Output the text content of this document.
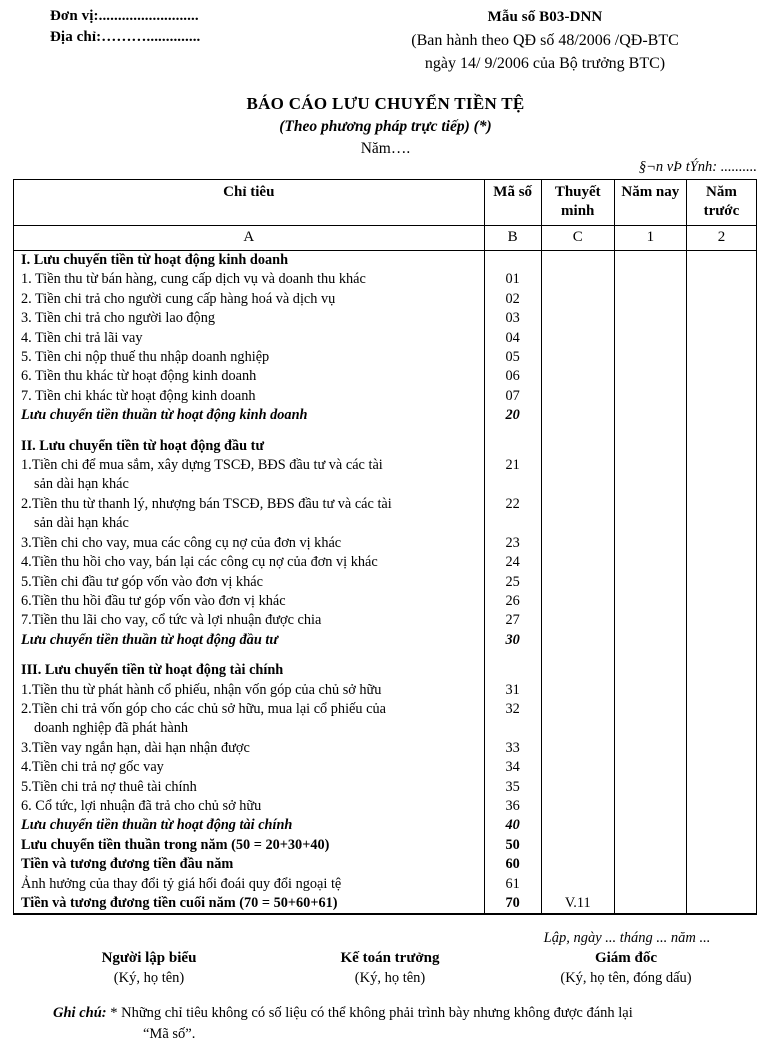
Đơn vị:..........................
Địa chỉ:………..............
Mẫu số B03-DNN
(Ban hành theo QĐ số 48/2006 /QĐ-BTC
ngày 14/ 9/2006 của Bộ trưởng BTC)
BÁO CÁO LƯU CHUYỂN TIỀN TỆ
(Theo phương pháp trực tiếp) (*)
Năm….
§¬n vÞ tÝnh: ..........
Chỉ tiêu	Mã số	Thuyết minh	Năm nay	Năm trước
A	B	C	1	2
I. Lưu chuyển tiền từ hoạt động kinh doanh				
1. Tiền thu từ bán hàng, cung cấp dịch vụ và doanh thu khác	01			
2. Tiền chi trả cho người cung cấp hàng hoá và dịch vụ	02			
3. Tiền chi trả cho người lao động	03			
4. Tiền chi trả lãi vay	04			
5. Tiền chi nộp thuế thu nhập doanh nghiệp	05			
6. Tiền thu khác từ hoạt động kinh doanh	06			
7. Tiền chi khác từ hoạt động kinh doanh	07			
Lưu chuyển tiền thuần từ hoạt động kinh doanh	20			

II. Lưu chuyển tiền từ hoạt động đầu tư				

1.Tiền chi để mua sắm, xây dựng TSCĐ, BĐS đầu tư và các tài
sản dài hạn khác	21			

2.Tiền thu từ thanh lý, nhượng bán TSCĐ, BĐS đầu tư và các tài
sản dài hạn khác	22			
3.Tiền chi cho vay, mua các công cụ nợ của đơn vị khác	23			
4.Tiền thu hồi cho vay, bán lại các công cụ nợ của đơn vị khác	24			
5.Tiền chi đầu tư góp vốn vào đơn vị khác	25			
6.Tiền thu hồi đầu tư góp vốn vào đơn vị khác	26			
7.Tiền thu lãi cho vay, cổ tức và lợi nhuận được chia	27			
Lưu chuyển tiền thuần từ hoạt động đầu tư	30			

III. Lưu chuyển tiền từ hoạt động tài chính				
1.Tiền thu từ phát hành cổ phiếu, nhận vốn góp của chủ sở hữu	31			

2.Tiền chi trả vốn góp cho các chủ sở hữu, mua lại cổ phiếu của
doanh nghiệp đã phát hành	32			
3.Tiền vay ngắn hạn, dài hạn nhận được	33			
4.Tiền chi trả nợ gốc vay	34			
5.Tiền chi trả nợ thuê tài chính	35			
6. Cổ tức, lợi nhuận đã trả cho chủ sở hữu	36			
Lưu chuyển tiền thuần từ hoạt động tài chính	40			
Lưu chuyển tiền thuần trong năm (50 = 20+30+40)	50			
Tiền và tương đương tiền đầu năm	60			
Ảnh hưởng của thay đổi tỷ giá hối đoái quy đổi ngoại tệ	61			
Tiền và tương đương tiền cuối năm (70 = 50+60+61)	70	V.11		
Lập, ngày ... tháng ... năm ...
Người lập biểu
(Ký, họ tên)
Kế toán trưởng
(Ký, họ tên)
Giám đốc
(Ký, họ tên, đóng dấu)
Ghi chú: * Những chỉ tiêu không có số liệu có thể không phải trình bày nhưng không được đánh lại
“Mã số”.
